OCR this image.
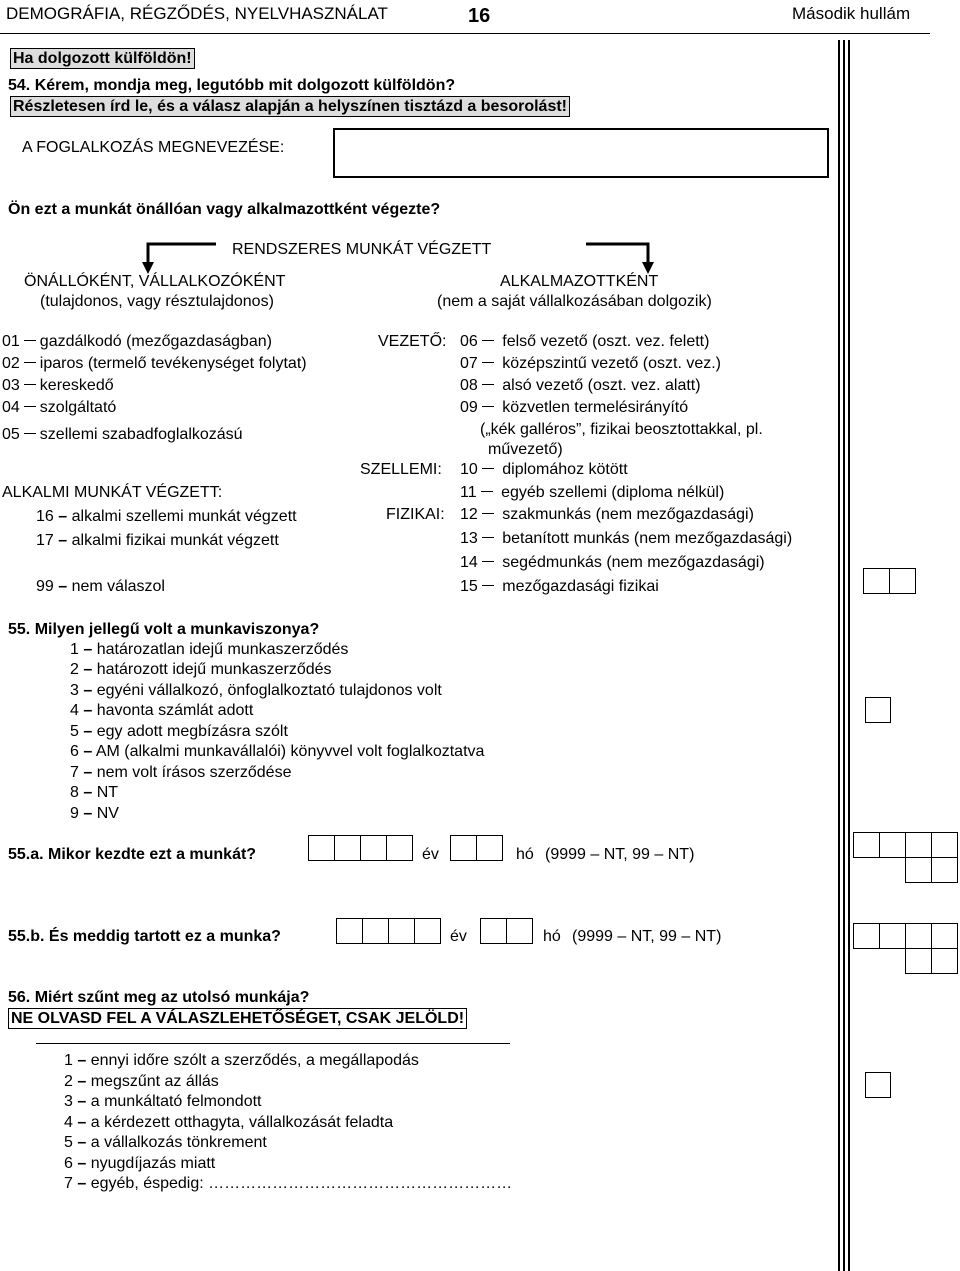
DEMOGRÁFIA, RÉGZŐDÉS, NYELVHASZNÁLAT	16	Második hullám
Ha dolgozott külföldön!
54. Kérem, mondja meg, legutóbb mit dolgozott külföldön?
Részletesen írd le, és a válasz alapján a helyszínen tisztázd a besorolást!
A FOGLALKOZÁS MEGNEVEZÉSE:
Ön ezt a munkát önállóan vagy alkalmazottként végezte?
RENDSZERES MUNKÁT VÉGZETT
ÖNÁLLÓKÉNT, VÁLLALKOZÓKÉNT
(tulajdonos, vagy résztulajdonos)
ALKALMAZOTTKÉNT
(nem a saját vállalkozásában dolgozik)
01 gazdálkodó (mezőgazdaságban)
02 iparos (termelő tevékenységet folytat)
03 kereskedő
04 szolgáltató
05 szellemi szabadfoglalkozású
ALKALMI MUNKÁT VÉGZETT:
16 – alkalmi szellemi munkát végzett
17 – alkalmi fizikai munkát végzett
99 – nem válaszol
VEZETŐ:
SZELLEMI:
FIZIKAI:
06 felső vezető (oszt. vez. felett)
07 középszintű vezető (oszt. vez.)
08 alsó vezető (oszt. vez. alatt)
09 közvetlen termelésirányító
(„kék galléros”, fizikai beosztottakkal, pl.
művezető)
10 diplomához kötött
11 egyéb szellemi (diploma nélkül)
12 szakmunkás (nem mezőgazdasági)
13 betanított munkás (nem mezőgazdasági)
14 segédmunkás (nem mezőgazdasági)
15 mezőgazdasági fizikai
55. Milyen jellegű volt a munkaviszonya?
1 – határozatlan idejű munkaszerződés
2 – határozott idejű munkaszerződés
3 – egyéni vállalkozó, önfoglalkoztató tulajdonos volt
4 – havonta számlát adott
5 – egy adott megbízásra szólt
6 – AM (alkalmi munkavállalói) könyvvel volt foglalkoztatva
7 – nem volt írásos szerződése
8 – NT
9 – NV
55.a. Mikor kezdte ezt a munkát?	év	hó (9999 – NT, 99 – NT)
55.b. És meddig tartott ez a munka?	év	hó (9999 – NT, 99 – NT)
56. Miért szűnt meg az utolsó munkája?
NE OLVASD FEL A VÁLASZLEHETŐSÉGET, CSAK JELÖLD!
1 – ennyi időre szólt a szerződés, a megállapodás
2 – megszűnt az állás
3 – a munkáltató felmondott
4 – a kérdezett otthagyta, vállalkozását feladta
5 – a vállalkozás tönkrement
6 – nyugdíjazás miatt
7 – egyéb, éspedig: …………………………………………………
